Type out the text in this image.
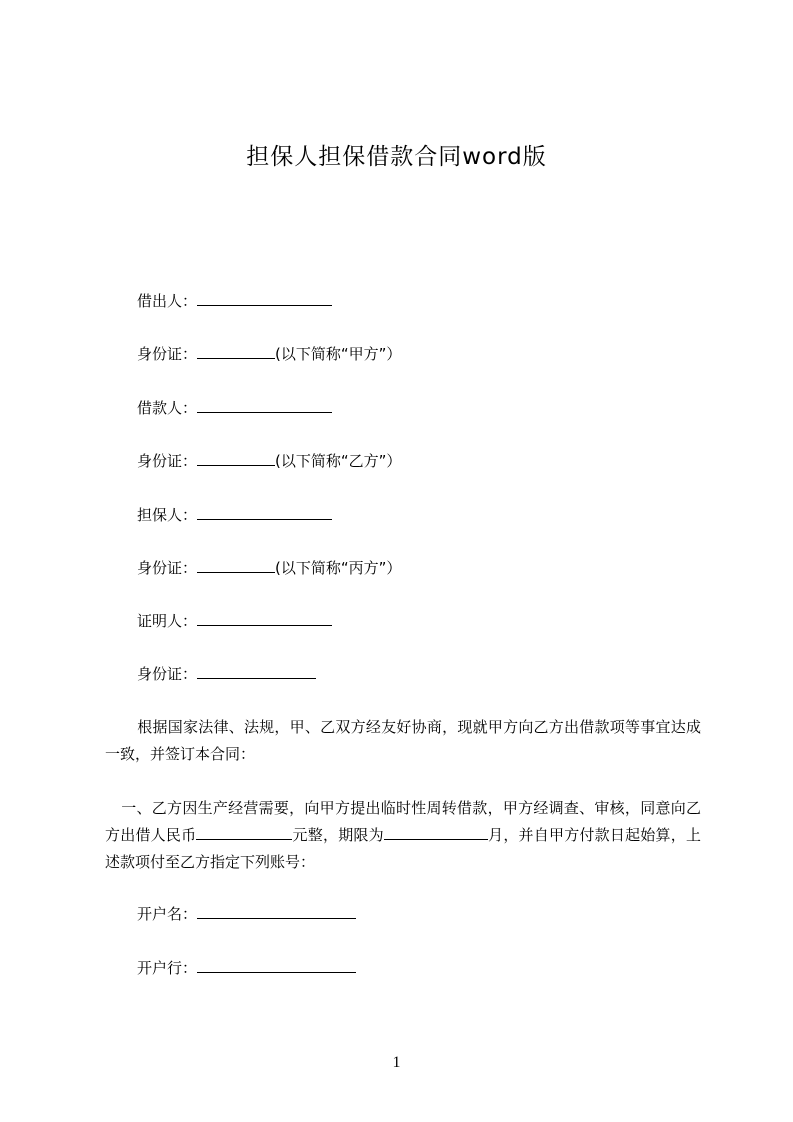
担保人担保借款合同word版
借出人：
身份证：	(以下简称“甲方”）
借款人：
身份证：	(以下简称“乙方”）
担保人：
身份证：	(以下简称“丙方”）
证明人：
身份证：
根据国家法律、法规，甲、乙双方经友好协商，现就甲方向乙方出借款项等事宜达成一致，并签订本合同：
一、乙方因生产经营需要，向甲方提出临时性周转借款，甲方经调查、审核，同意向乙方出借人民币	元整，期限为	月，并自甲方付款日起始算，上述款项付至乙方指定下列账号：
开户名：
开户行：
1
